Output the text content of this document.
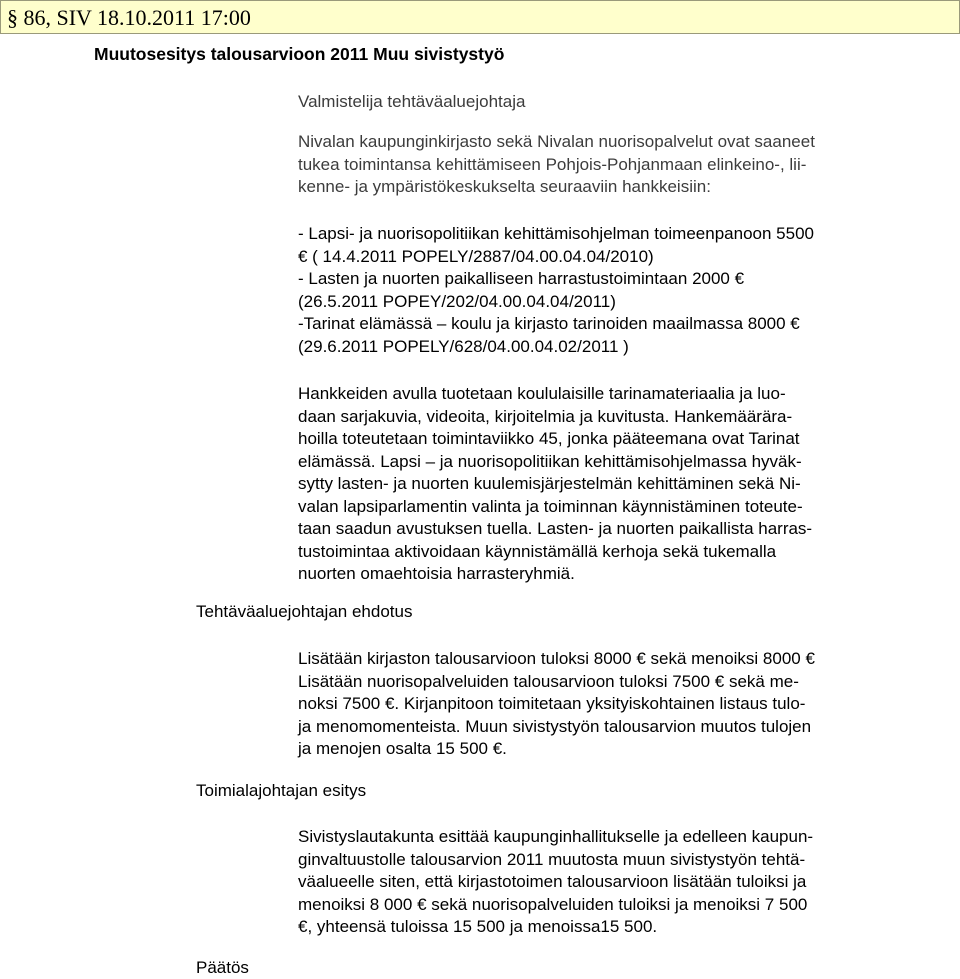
§ 86, SIV 18.10.2011 17:00
Muutosesitys talousarvioon 2011 Muu sivistystyö
Valmistelija tehtäväaluejohtaja
Nivalan kaupunginkirjasto sekä Nivalan nuorisopalvelut ovat saaneet
tukea toimintansa kehittämiseen Pohjois-Pohjanmaan elinkeino-, lii-
kenne- ja ympäristökeskukselta seuraaviin hankkeisiin:
- Lapsi- ja nuorisopolitiikan kehittämisohjelman toimeenpanoon 5500
€ ( 14.4.2011 POPELY/2887/04.00.04.04/2010)
- Lasten ja nuorten paikalliseen harrastustoimintaan 2000 €
(26.5.2011 POPEY/202/04.00.04.04/2011)
-Tarinat elämässä – koulu ja kirjasto tarinoiden maailmassa 8000 €
(29.6.2011 POPELY/628/04.00.04.02/2011 )
Hankkeiden avulla tuotetaan koululaisille tarinamateriaalia ja luo-
daan sarjakuvia, videoita, kirjoitelmia ja kuvitusta. Hankemäärära-
hoilla toteutetaan toimintaviikko 45, jonka pääteemana ovat Tarinat
elämässä. Lapsi – ja nuorisopolitiikan kehittämisohjelmassa hyväk-
sytty lasten- ja nuorten kuulemisjärjestelmän kehittäminen sekä Ni-
valan lapsiparlamentin valinta ja toiminnan käynnistäminen toteute-
taan saadun avustuksen tuella. Lasten- ja nuorten paikallista harras-
tustoimintaa aktivoidaan käynnistämällä kerhoja sekä tukemalla
nuorten omaehtoisia harrasteryhmiä.
Tehtäväaluejohtajan ehdotus
Lisätään kirjaston talousarvioon tuloksi 8000 € sekä menoiksi 8000 €
Lisätään nuorisopalveluiden talousarvioon tuloksi 7500 € sekä me-
noksi 7500 €. Kirjanpitoon toimitetaan yksityiskohtainen listaus tulo-
ja menomomenteista. Muun sivistystyön talousarvion muutos tulojen
ja menojen osalta 15 500 €.
Toimialajohtajan esitys
Sivistyslautakunta esittää kaupunginhallitukselle ja edelleen kaupun-
ginvaltuustolle talousarvion 2011 muutosta muun sivistystyön tehtä-
väalueelle siten, että kirjastotoimen talousarvioon lisätään tuloiksi ja
menoiksi 8 000 € sekä nuorisopalveluiden tuloiksi ja menoiksi 7 500
€, yhteensä tuloissa 15 500 ja menoissa15 500.
Päätös
